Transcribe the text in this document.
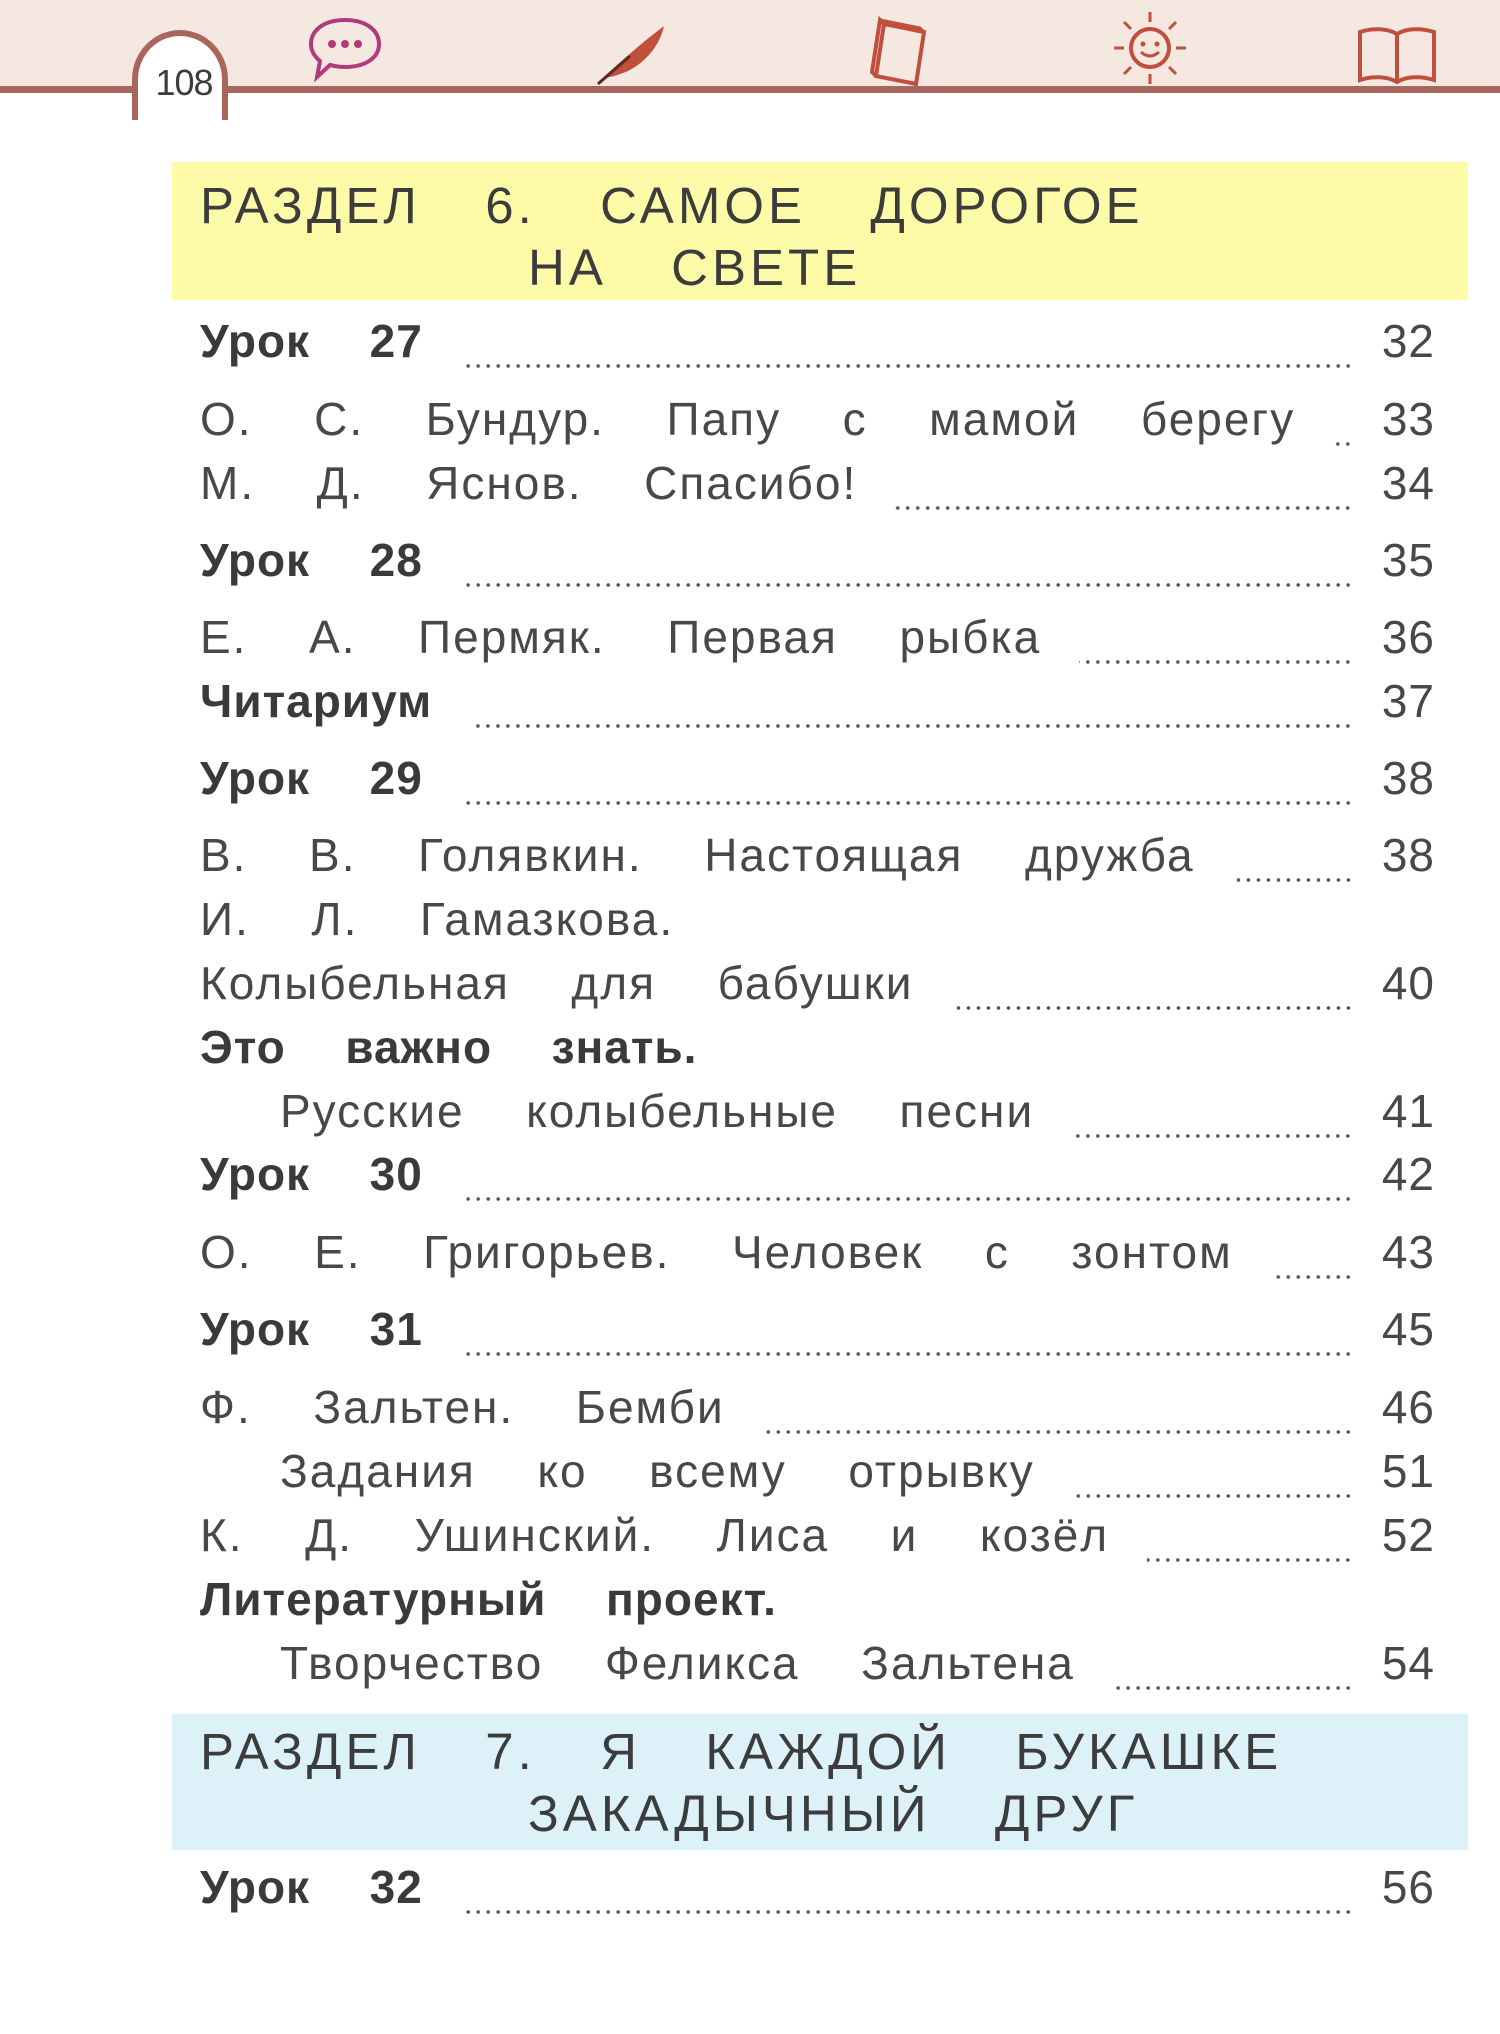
108
РАЗДЕЛ  6.  САМОЕ  ДОРОГОЕ
НА  СВЕТЕ
Урок  27	32
О.  С.  Бундур.  Папу  с  мамой  берегу 33
М.  Д.  Яснов.  Спасибо!	34
Урок  28	35
Е.  А.  Пермяк.  Первая  рыбка	36
Читариум	37
Урок  29	38
В.  В.  Голявкин.  Настоящая  дружба	38
И.  Л.  Гамазкова.
Колыбельная  для  бабушки	40
Это  важно  знать.
Русские  колыбельные  песни	41
Урок  30	42
О.  Е.  Григорьев.  Человек  с  зонтом	43
Урок  31	45
Ф.  Зальтен.  Бемби	46
Задания  ко  всему  отрывку	51
К.  Д.  Ушинский.  Лиса  и  козёл	52
Литературный  проект.
Творчество  Феликса  Зальтена	54
РАЗДЕЛ  7.  Я  КАЖДОЙ  БУКАШКЕ
ЗАКАДЫЧНЫЙ  ДРУГ
Урок  32	56
